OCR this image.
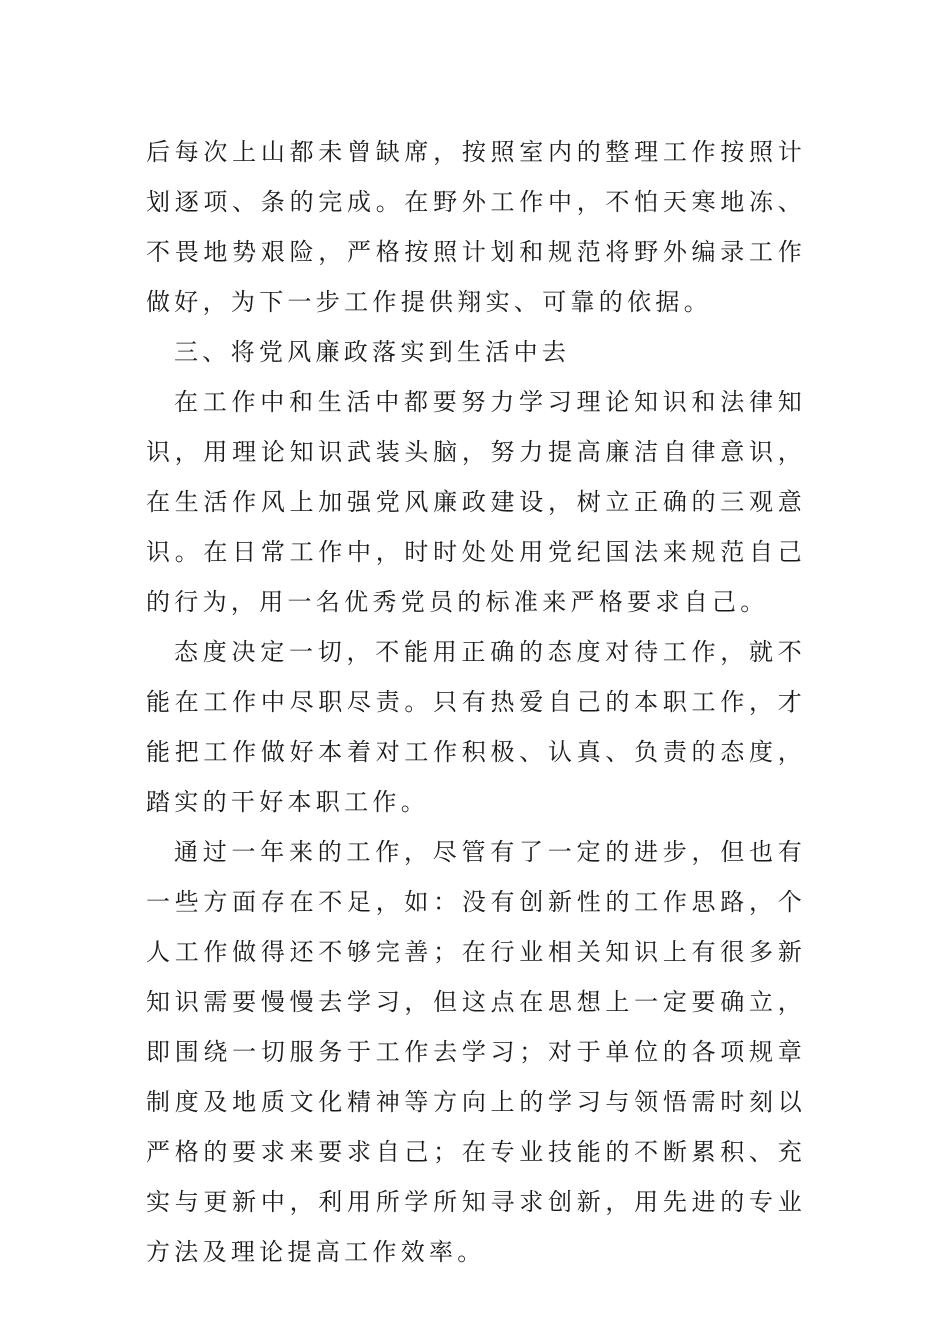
后每次上山都未曾缺席，按照室内的整理工作按照计划逐项、条的完成。在野外工作中，不怕天寒地冻、不畏地势艰险，严格按照计划和规范将野外编录工作做好，为下一步工作提供翔实、可靠的依据。

三、将党风廉政落实到生活中去

在工作中和生活中都要努力学习理论知识和法律知识，用理论知识武装头脑，努力提高廉洁自律意识，在生活作风上加强党风廉政建设，树立正确的三观意识。在日常工作中，时时处处用党纪国法来规范自己的行为，用一名优秀党员的标准来严格要求自己。

态度决定一切，不能用正确的态度对待工作，就不能在工作中尽职尽责。只有热爱自己的本职工作，才能把工作做好本着对工作积极、认真、负责的态度，踏实的干好本职工作。

通过一年来的工作，尽管有了一定的进步，但也有一些方面存在不足，如：没有创新性的工作思路，个人工作做得还不够完善；在行业相关知识上有很多新知识需要慢慢去学习，但这点在思想上一定要确立，即围绕一切服务于工作去学习；对于单位的各项规章制度及地质文化精神等方向上的学习与领悟需时刻以严格的要求来要求自己；在专业技能的不断累积、充实与更新中，利用所学所知寻求创新，用先进的专业方法及理论提高工作效率。
